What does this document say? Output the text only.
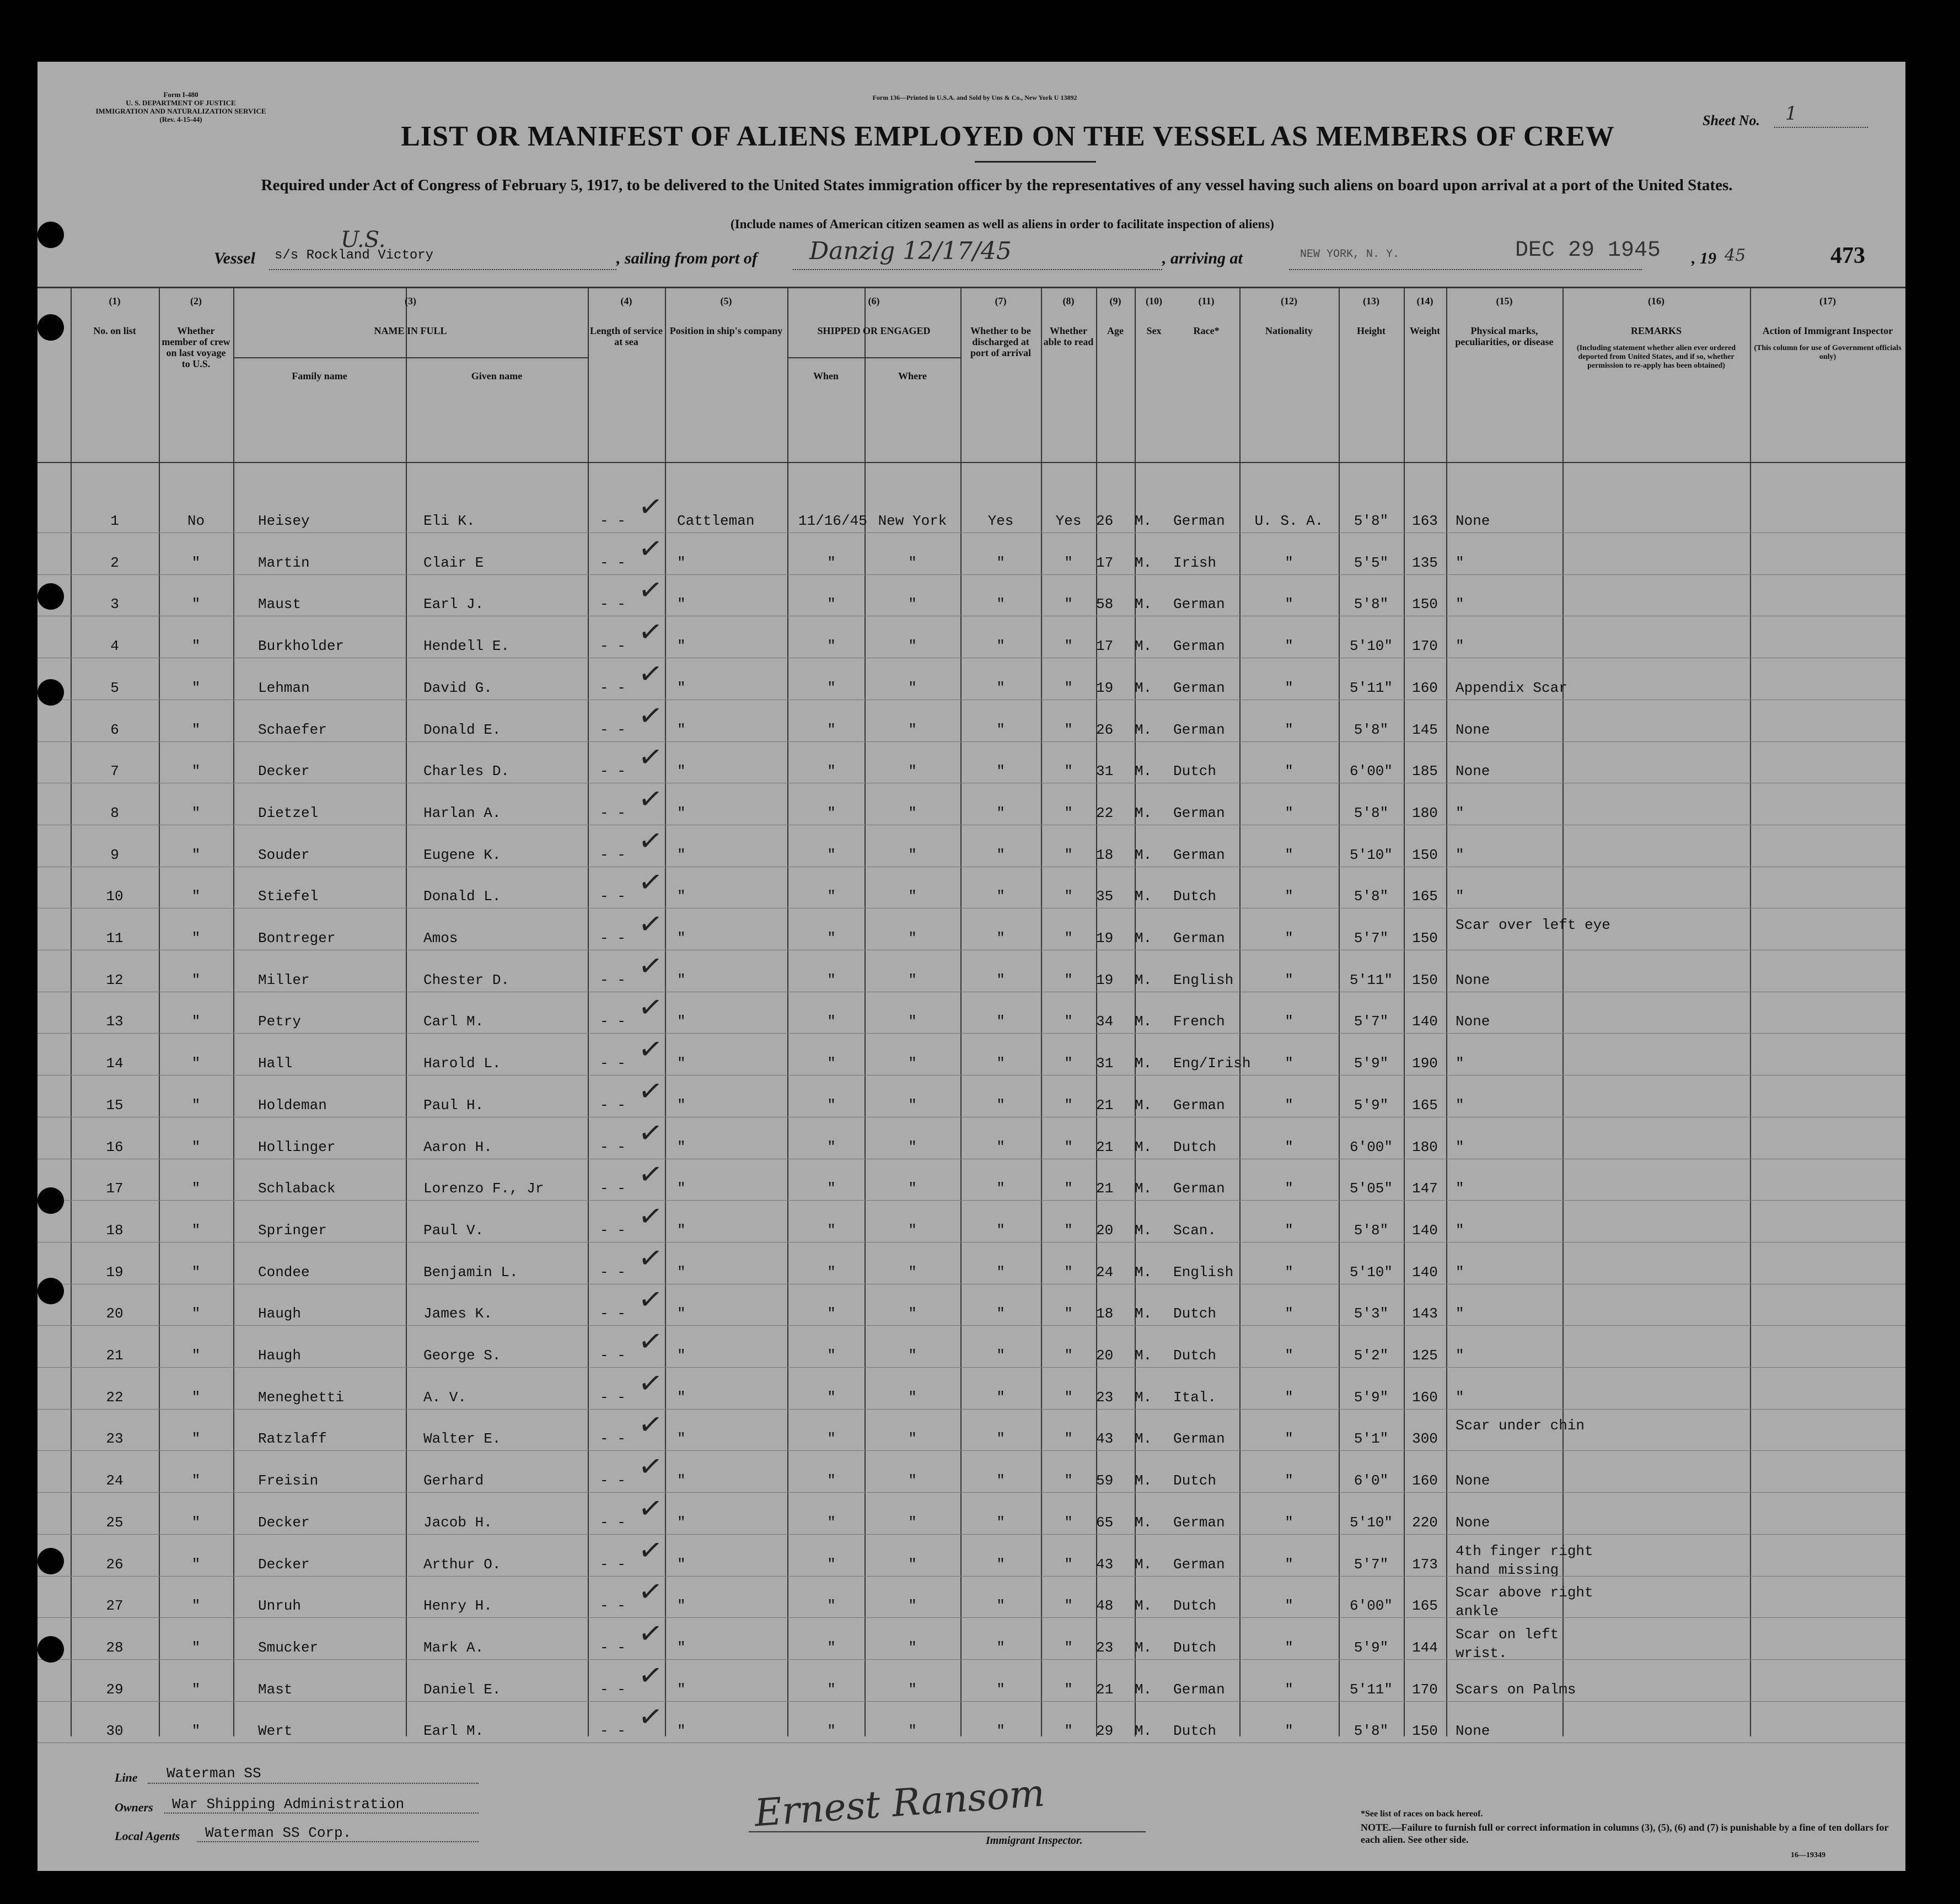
Form I-480
U. S. DEPARTMENT OF JUSTICE
IMMIGRATION AND NATURALIZATION SERVICE
(Rev. 4-15-44)
Form 136—Printed in U.S.A. and Sold by Uns & Co., New York U 13892
Sheet No. 1
LIST OR MANIFEST OF ALIENS EMPLOYED ON THE VESSEL AS MEMBERS OF CREW
Required under Act of Congress of February 5, 1917, to be delivered to the United States immigration officer by the representatives of any vessel having such aliens on board upon arrival at a port of the United States.
(Include names of American citizen seamen as well as aliens in order to facilitate inspection of aliens)
Vessel
U.S.
s/s Rockland Victory	, sailing from port of Danzig 12/17/45	, arriving at	NEW YORK, N. Y.	DEC 29 1945 , 19 45	473
(1)
No. on list
(2)
Whether member of crew on last voyage to U.S.
(3)
NAME IN FULL
Family name	Given name
(4)
Length of service at sea
(5)
Position in ship's company
(6)
SHIPPED OR ENGAGED
When	Where
(7)
Whether to be discharged at port of arrival
(8)
Whether able to read
(9)
Age
(10)
Sex
(11)
Race*
(12)
Nationality
(13)
Height
(14)
Weight
(15)
Physical marks, peculiarities, or disease
(16)
REMARKS
(Including statement whether alien ever ordered deported from United States, and if so, whether permission to re-apply has been obtained)
(17)
Action of Immigrant Inspector
(This column for use of Government officials only)
1	No	Heisey	Eli K.	- -	Cattleman	11/16/45 New York	Yes	Yes	26 M. German	U. S. A.	5'8"	163	None
✓
2	"	Martin	Clair E	- -	"	"	"	"	"	17 M. Irish	"	5'5"	135	"
✓
3	"	Maust	Earl J.	- -	"	"	"	"	"	58 M. German	"	5'8"	150	"
✓
4	"	Burkholder	Hendell E.	- -	"	"	"	"	"	17 M. German	"	5'10"	170	"
✓
5	"	Lehman	David G.	- -	"	"	"	"	"	19 M. German	"	5'11"	160	Appendix Scar
✓
6	"	Schaefer	Donald E.	- -	"	"	"	"	"	26 M. German	"	5'8"	145	None
✓
7	"	Decker	Charles D.	- -	"	"	"	"	"	31 M. Dutch	"	6'00"	185	None
✓
8	"	Dietzel	Harlan A.	- -	"	"	"	"	"	22 M. German	"	5'8"	180	"
✓
9	"	Souder	Eugene K.	- -	"	"	"	"	"	18 M. German	"	5'10"	150	"
✓
10	"	Stiefel	Donald L.	- -	"	"	"	"	"	35 M. Dutch	"	5'8"	165	"
✓
11	"	Bontreger	Amos	- -	"	"	"	"	"	19 M. German	"	5'7"	150
Scar over left eye
✓
12	"	Miller	Chester D.	- -	"	"	"	"	"	19 M. English	"	5'11"	150	None
✓
13	"	Petry	Carl M.	- -	"	"	"	"	"	34 M. French	"	5'7"	140	None
✓
14	"	Hall	Harold L.	- -	"	"	"	"	"	31 M. Eng/Irish	"	5'9"	190	"
✓
15	"	Holdeman	Paul H.	- -	"	"	"	"	"	21 M. German	"	5'9"	165	"
✓
16	"	Hollinger	Aaron H.	- -	"	"	"	"	"	21 M. Dutch	"	6'00"	180	"
✓
17	"	Schlaback	Lorenzo F., Jr	- -	"	"	"	"	"	21 M. German	"	5'05"	147	"
✓
18	"	Springer	Paul V.	- -	"	"	"	"	"	20 M. Scan.	"	5'8"	140	"
✓
19	"	Condee	Benjamin L.	- -	"	"	"	"	"	24 M. English	"	5'10"	140	"
✓
20	"	Haugh	James K.	- -	"	"	"	"	"	18 M. Dutch	"	5'3"	143	"
✓
21	"	Haugh	George S.	- -	"	"	"	"	"	20 M. Dutch	"	5'2"	125	"
✓
22	"	Meneghetti	A. V.	- -	"	"	"	"	"	23 M. Ital.	"	5'9"	160	"
✓
23	"	Ratzlaff	Walter E.	- -	"	"	"	"	"	43 M. German	"	5'1"	300
Scar under chin
✓
24	"	Freisin	Gerhard	- -	"	"	"	"	"	59 M. Dutch	"	6'0"	160	None
✓
25	"	Decker	Jacob H.	- -	"	"	"	"	"	65 M. German	"	5'10"	220	None
✓
26	"	Decker	Arthur O.	- -	"	"	"	"	"	43 M. German	"	5'7"	173
4th finger right hand missing
✓
27	"	Unruh	Henry H.	- -	"	"	"	"	"	48 M. Dutch	"	6'00"	165
Scar above right ankle
✓
28	"	Smucker	Mark A.	- -	"	"	"	"	"	23 M. Dutch	"	5'9"	144
Scar on left wrist.
✓
29	"	Mast	Daniel E.	- -	"	"	"	"	"	21 M. German	"	5'11"	170	Scars on Palms
✓
30	"	Wert	Earl M.	- -	"	"	"	"	"	29 M. Dutch	"	5'8"	150	None
✓
Line Waterman SS
Owners War Shipping Administration
Local Agents Waterman SS Corp.	Ernest Ransom
Immigrant Inspector.
*See list of races on back hereof.
NOTE.—Failure to furnish full or correct information in columns (3), (5), (6) and (7) is punishable by a fine of ten dollars for each alien. See other side.
16—19349
